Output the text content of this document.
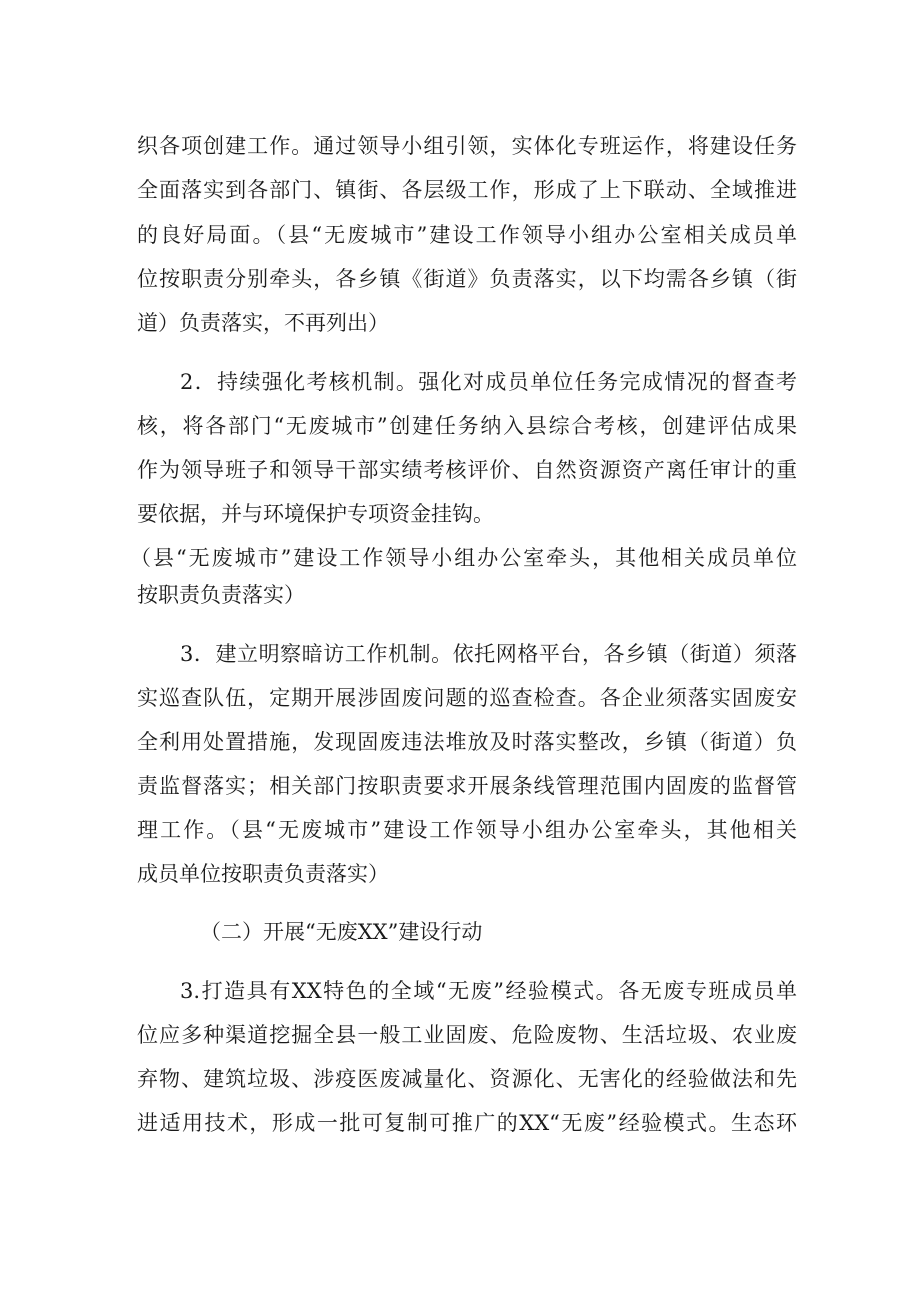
织各项创建工作。通过领导小组引领，实体化专班运作，将建设任务
全面落实到各部门、镇街、各层级工作，形成了上下联动、全域推进
的良好局面。（县“无废城市”建设工作领导小组办公室相关成员单
位按职责分别牵头，各乡镇《街道》负责落实，以下均需各乡镇（街
道）负责落实，不再列出）
2．持续强化考核机制。强化对成员单位任务完成情况的督查考
核，将各部门“无废城市”创建任务纳入县综合考核，创建评估成果
作为领导班子和领导干部实绩考核评价、自然资源资产离任审计的重
要依据，并与环境保护专项资金挂钩。
（县“无废城市”建设工作领导小组办公室牵头，其他相关成员单位
按职责负责落实）
3．建立明察暗访工作机制。依托网格平台，各乡镇（街道）须落
实巡查队伍，定期开展涉固废问题的巡查检查。各企业须落实固废安
全利用处置措施，发现固废违法堆放及时落实整改，乡镇（街道）负
责监督落实；相关部门按职责要求开展条线管理范围内固废的监督管
理工作。（县“无废城市”建设工作领导小组办公室牵头，其他相关
成员单位按职责负责落实）
（二）开展“无废XX”建设行动
3.打造具有XX特色的全域“无废”经验模式。各无废专班成员单
位应多种渠道挖掘全县一般工业固废、危险废物、生活垃圾、农业废
弃物、建筑垃圾、涉疫医废减量化、资源化、无害化的经验做法和先
进适用技术，形成一批可复制可推广的XX“无废”经验模式。生态环
